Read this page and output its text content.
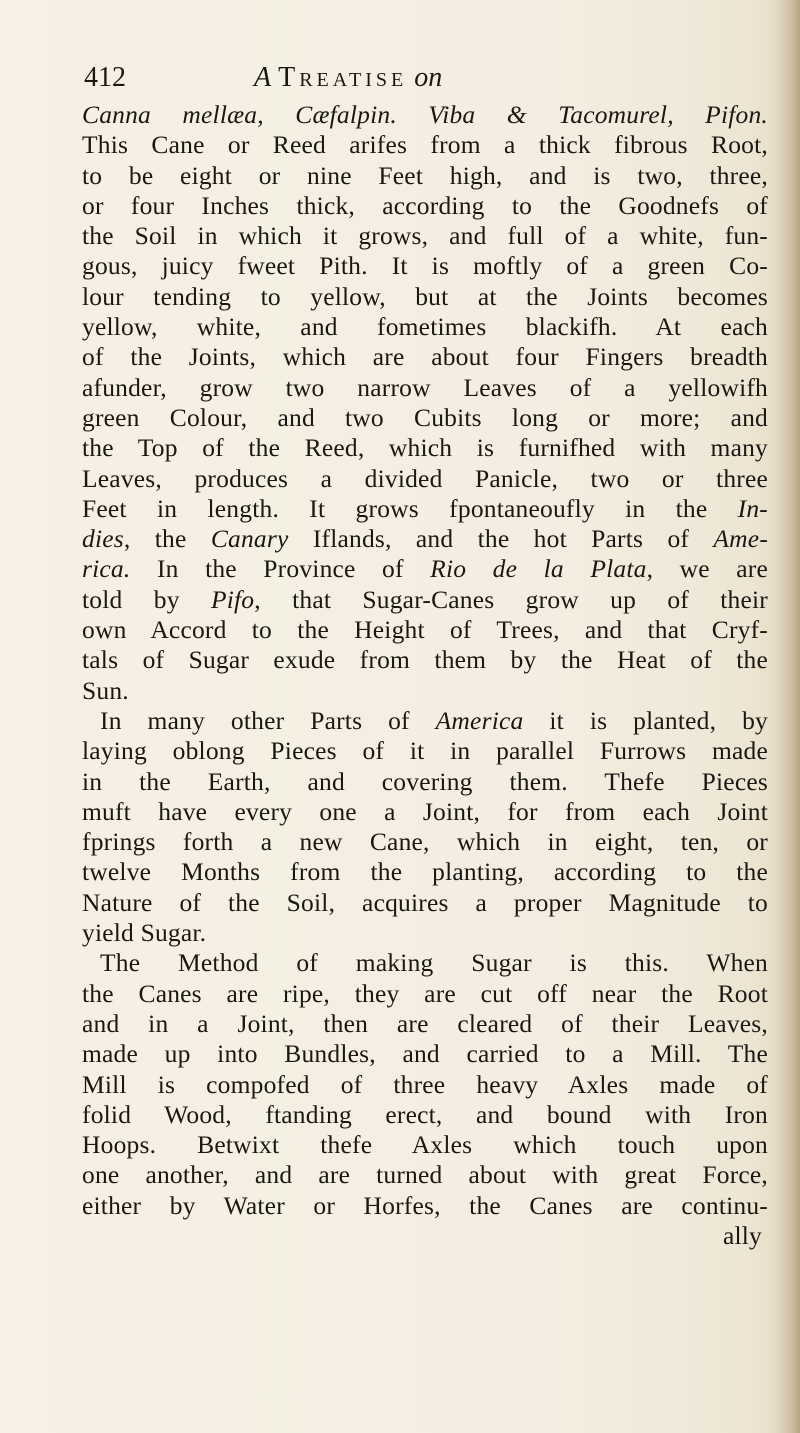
412	A Treatise on
Canna mellæa, Cæfalpin. Viba & Tacomurel, Pifon.
This Cane or Reed arifes from a thick fibrous Root,
to be eight or nine Feet high, and is two, three,
or four Inches thick, according to the Goodnefs of
the Soil in which it grows, and full of a white, fun-
gous, juicy fweet Pith. It is moftly of a green Co-
lour tending to yellow, but at the Joints becomes
yellow, white, and fometimes blackifh. At each
of the Joints, which are about four Fingers breadth
afunder, grow two narrow Leaves of a yellowifh
green Colour, and two Cubits long or more; and
the Top of the Reed, which is furnifhed with many
Leaves, produces a divided Panicle, two or three
Feet in length. It grows fpontaneoufly in the In-
dies, the Canary Iflands, and the hot Parts of Ame-
rica. In the Province of Rio de la Plata, we are
told by Pifo, that Sugar-Canes grow up of their
own Accord to the Height of Trees, and that Cryf-
tals of Sugar exude from them by the Heat of the
Sun.
In many other Parts of America it is planted, by
laying oblong Pieces of it in parallel Furrows made
in the Earth, and covering them. Thefe Pieces
muft have every one a Joint, for from each Joint
fprings forth a new Cane, which in eight, ten, or
twelve Months from the planting, according to the
Nature of the Soil, acquires a proper Magnitude to
yield Sugar.
The Method of making Sugar is this. When
the Canes are ripe, they are cut off near the Root
and in a Joint, then are cleared of their Leaves,
made up into Bundles, and carried to a Mill. The
Mill is compofed of three heavy Axles made of
folid Wood, ftanding erect, and bound with Iron
Hoops. Betwixt thefe Axles which touch upon
one another, and are turned about with great Force,
either by Water or Horfes, the Canes are continu-
ally
